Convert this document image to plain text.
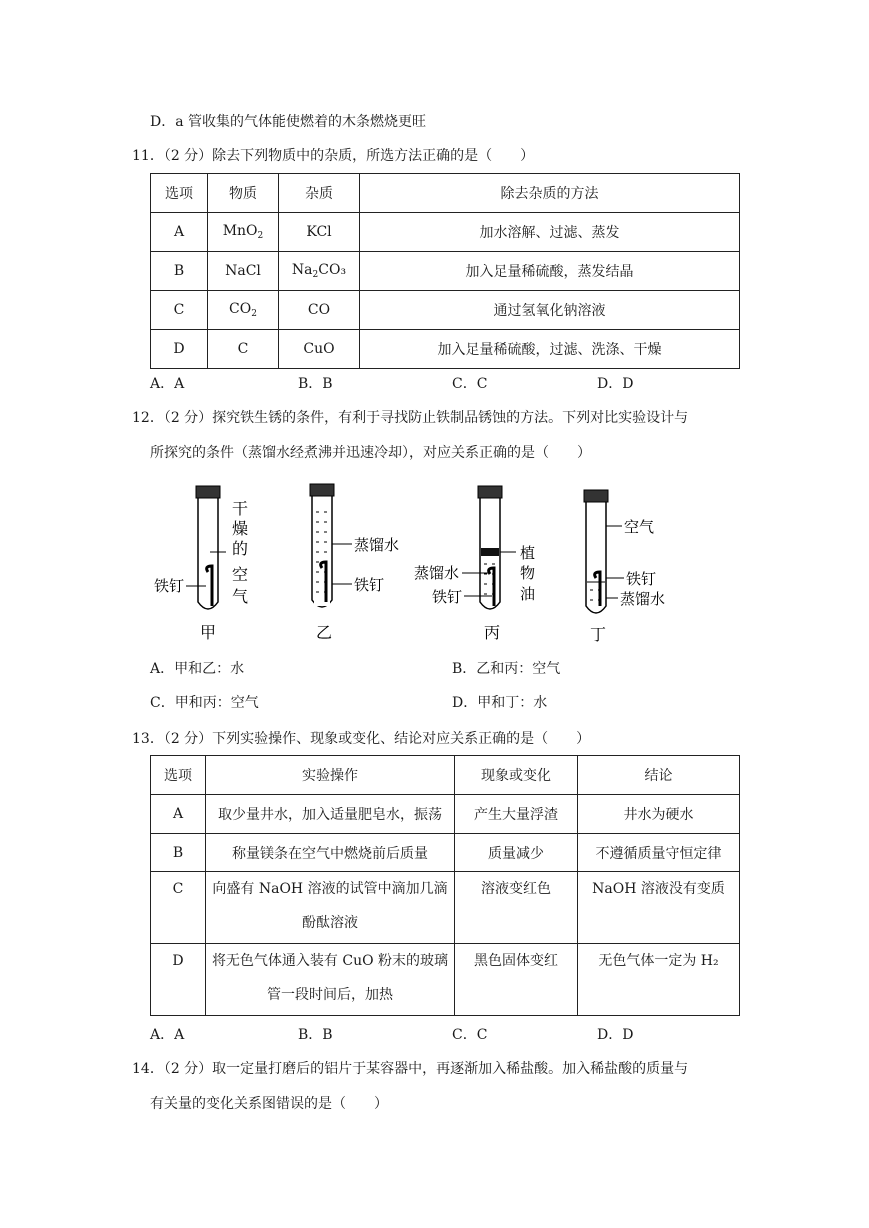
D．a 管收集的气体能使燃着的木条燃烧更旺
11．（2 分）除去下列物质中的杂质，所选方法正确的是（　　）
选项	物质	杂质	除去杂质的方法
A	MnO$_2$	KCl	加水溶解、过滤、蒸发
B	NaCl	$Na_2CO_3$	加入足量稀硫酸，蒸发结晶
C	$CO_2$	CO	通过氢氧化钠溶液
D	C	CuO	加入足量稀硫酸，过滤、洗涤、干燥
A．A	B．B	C．C	D．D
12．（2 分）探究铁生锈的条件，有利于寻找防止铁制品锈蚀的方法。下列对比实验设计与
所探究的条件（蒸馏水经煮沸并迅速冷却），对应关系正确的是（　　）
干
燥
的
空
气
铁钉
甲
蒸馏水
铁钉
乙
植
物
油
蒸馏水
铁钉
丙
空气
铁钉
蒸馏水
丁
A．甲和乙：水	B．乙和丙：空气
C．甲和丙：空气	D．甲和丁：水
13．（2 分）下列实验操作、现象或变化、结论对应关系正确的是（　　）
选项	实验操作	现象或变化	结论
A	取少量井水，加入适量肥皂水，振荡	产生大量浮渣	井水为硬水
B	称量镁条在空气中燃烧前后质量	质量减少	不遵循质量守恒定律
C	向盛有 NaOH 溶液的试管中滴加几滴
酚酞溶液	溶液变红色	NaOH 溶液没有变质
D	将无色气体通入装有 CuO 粉末的玻璃
管一段时间后，加热	黑色固体变红	无色气体一定为 H₂
A．A	B．B	C．C	D．D
14．（2 分）取一定量打磨后的铝片于某容器中，再逐渐加入稀盐酸。加入稀盐酸的质量与
有关量的变化关系图错误的是（　　）
